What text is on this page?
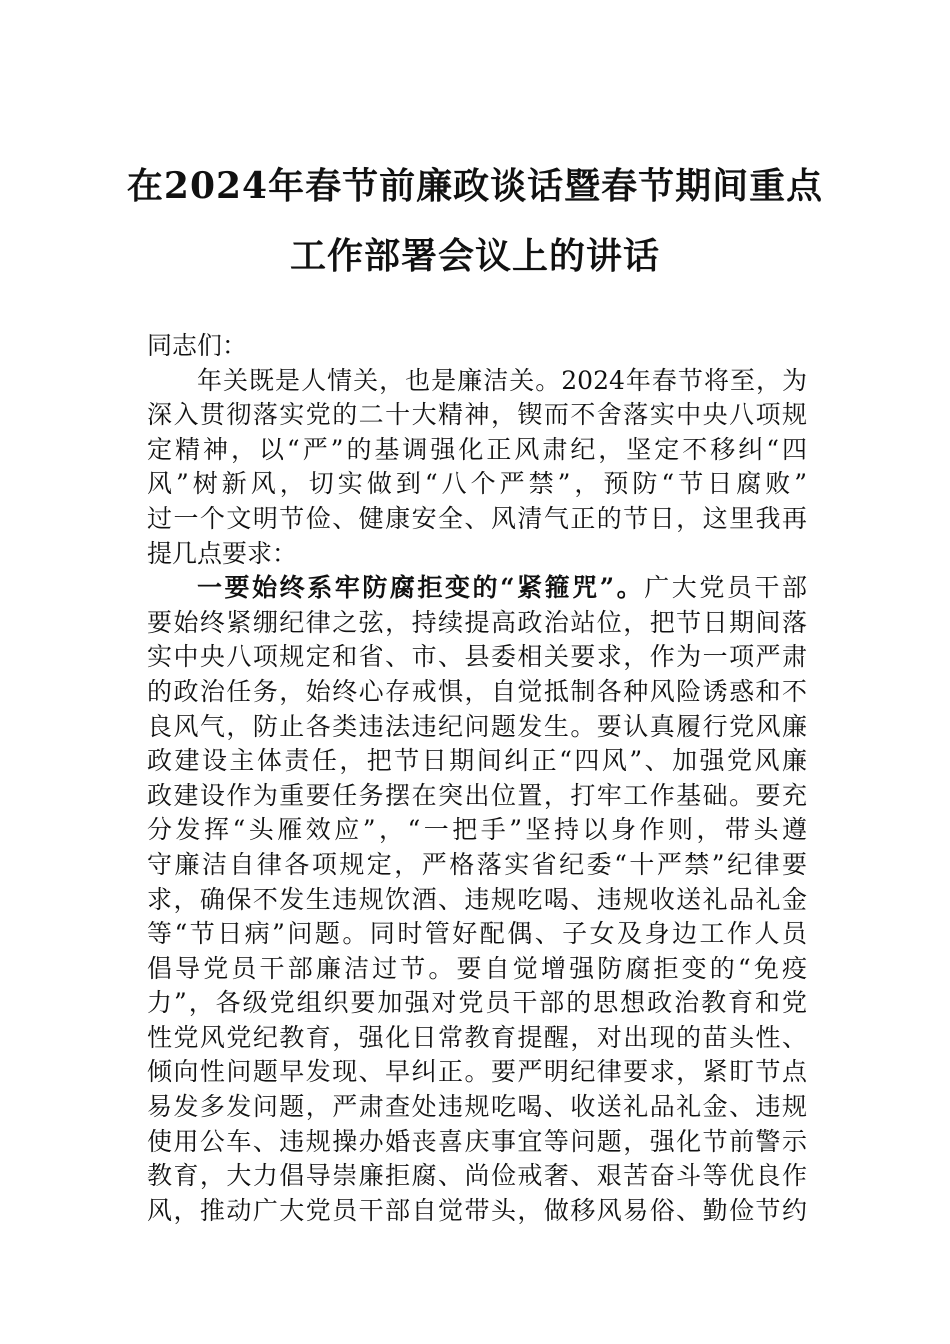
在2024年春节前廉政谈话暨春节期间重点
工作部署会议上的讲话
同志们：
年关既是人情关，也是廉洁关。2024年春节将至，为
深入贯彻落实党的二十大精神，锲而不舍落实中央八项规
定精神，以“严”的基调强化正风肃纪，坚定不移纠“四
风”树新风，切实做到“八个严禁”，预防“节日腐败”
过一个文明节俭、健康安全、风清气正的节日，这里我再
提几点要求：
一要始终系牢防腐拒变的“紧箍咒”。广大党员干部
要始终紧绷纪律之弦，持续提高政治站位，把节日期间落
实中央八项规定和省、市、县委相关要求，作为一项严肃
的政治任务，始终心存戒惧，自觉抵制各种风险诱惑和不
良风气，防止各类违法违纪问题发生。要认真履行党风廉
政建设主体责任，把节日期间纠正“四风”、加强党风廉
政建设作为重要任务摆在突出位置，打牢工作基础。要充
分发挥“头雁效应”，“一把手”坚持以身作则，带头遵
守廉洁自律各项规定，严格落实省纪委“十严禁”纪律要
求，确保不发生违规饮酒、违规吃喝、违规收送礼品礼金
等“节日病”问题。同时管好配偶、子女及身边工作人员
倡导党员干部廉洁过节。要自觉增强防腐拒变的“免疫
力”，各级党组织要加强对党员干部的思想政治教育和党
性党风党纪教育，强化日常教育提醒，对出现的苗头性、
倾向性问题早发现、早纠正。要严明纪律要求，紧盯节点
易发多发问题，严肃查处违规吃喝、收送礼品礼金、违规
使用公车、违规操办婚丧喜庆事宜等问题，强化节前警示
教育，大力倡导崇廉拒腐、尚俭戒奢、艰苦奋斗等优良作
风，推动广大党员干部自觉带头，做移风易俗、勤俭节约
